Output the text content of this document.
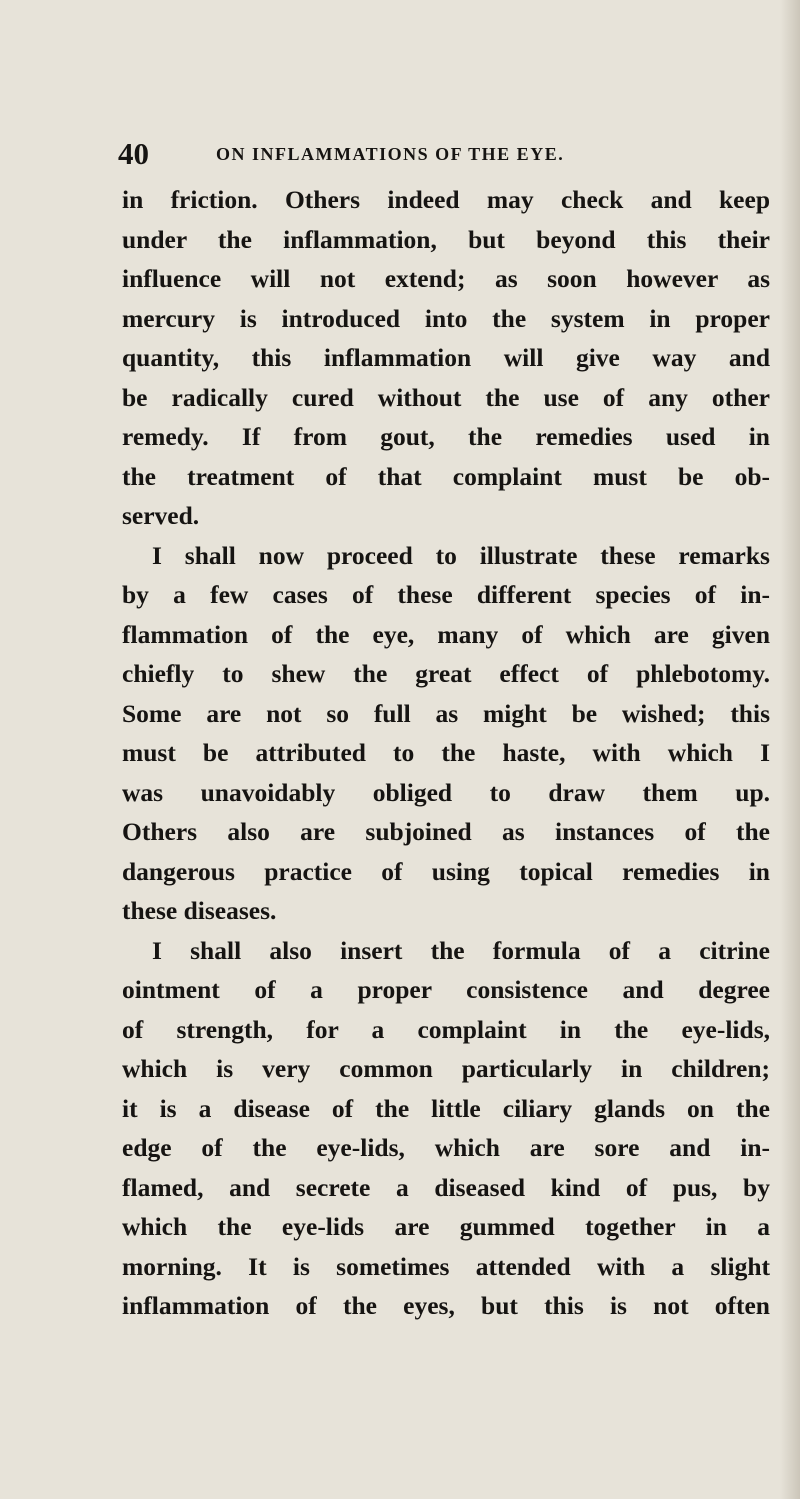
40	ON INFLAMMATIONS OF THE EYE.
in friction. Others indeed may check and keep
under the inflammation, but beyond this their
influence will not extend; as soon however as
mercury is introduced into the system in proper
quantity, this inflammation will give way and
be radically cured without the use of any other
remedy. If from gout, the remedies used in
the treatment of that complaint must be ob-
served.
I shall now proceed to illustrate these remarks
by a few cases of these different species of in-
flammation of the eye, many of which are given
chiefly to shew the great effect of phlebotomy.
Some are not so full as might be wished; this
must be attributed to the haste, with which I
was unavoidably obliged to draw them up.
Others also are subjoined as instances of the
dangerous practice of using topical remedies in
these diseases.
I shall also insert the formula of a citrine
ointment of a proper consistence and degree
of strength, for a complaint in the eye-lids,
which is very common particularly in children;
it is a disease of the little ciliary glands on the
edge of the eye-lids, which are sore and in-
flamed, and secrete a diseased kind of pus, by
which the eye-lids are gummed together in a
morning. It is sometimes attended with a slight
inflammation of the eyes, but this is not often
